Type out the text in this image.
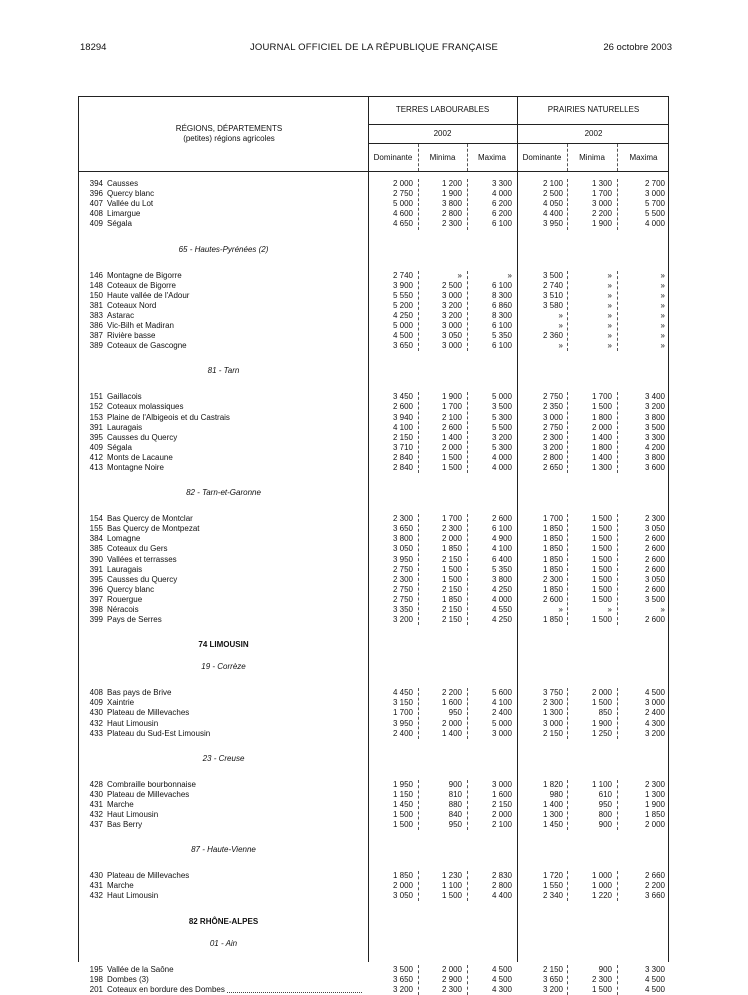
18294	JOURNAL OFFICIEL DE LA RÉPUBLIQUE FRANÇAISE	26 octobre 2003
RÉGIONS, DÉPARTEMENTS
(petites) régions agricoles
TERRES LABOURABLES	PRAIRIES NATURELLES
2002	2002
Dominante	Minima	Maxima	Dominante	Minima	Maxima
394 Causses	2 000	1 200	3 300	2 100	1 300	2 700
396 Quercy blanc	2 750	1 900	4 000	2 500	1 700	3 000
407 Vallée du Lot	5 000	3 800	6 200	4 050	3 000	5 700
408 Limargue	4 600	2 800	6 200	4 400	2 200	5 500
409 Ségala	4 650	2 300	6 100	3 950	1 900	4 000
65 - Hautes-Pyrénées (2)
146 Montagne de Bigorre	2 740	»	»	3 500	»	»
148 Coteaux de Bigorre	3 900	2 500	6 100	2 740	»	»
150 Haute vallée de l'Adour	5 550	3 000	8 300	3 510	»	»
381 Coteaux Nord	5 200	3 200	6 860	3 580	»	»
383 Astarac	4 250	3 200	8 300	»	»	»
386 Vic-Bilh et Madiran	5 000	3 000	6 100	»	»	»
387 Rivière basse	4 500	3 050	5 350	2 360	»	»
389 Coteaux de Gascogne	3 650	3 000	6 100	»	»	»
81 - Tarn
151 Gaillacois	3 450	1 900	5 000	2 750	1 700	3 400
152 Coteaux molassiques	2 600	1 700	3 500	2 350	1 500	3 200
153 Plaine de l'Albigeois et du Castrais	3 940	2 100	5 300	3 000	1 800	3 800
391 Lauragais	4 100	2 600	5 500	2 750	2 000	3 500
395 Causses du Quercy	2 150	1 400	3 200	2 300	1 400	3 300
409 Ségala	3 710	2 000	5 300	3 200	1 800	4 200
412 Monts de Lacaune	2 840	1 500	4 000	2 800	1 400	3 800
413 Montagne Noire	2 840	1 500	4 000	2 650	1 300	3 600
82 - Tarn-et-Garonne
154 Bas Quercy de Montclar	2 300	1 700	2 600	1 700	1 500	2 300
155 Bas Quercy de Montpezat	3 650	2 300	6 100	1 850	1 500	3 050
384 Lomagne	3 800	2 000	4 900	1 850	1 500	2 600
385 Coteaux du Gers	3 050	1 850	4 100	1 850	1 500	2 600
390 Vallées et terrasses	3 950	2 150	6 400	1 850	1 500	2 600
391 Lauragais	2 750	1 500	5 350	1 850	1 500	2 600
395 Causses du Quercy	2 300	1 500	3 800	2 300	1 500	3 050
396 Quercy blanc	2 750	2 150	4 250	1 850	1 500	2 600
397 Rouergue	2 750	1 850	4 000	2 600	1 500	3 500
398 Néracois	3 350	2 150	4 550	»	»	»
399 Pays de Serres	3 200	2 150	4 250	1 850	1 500	2 600
74 LIMOUSIN
19 - Corrèze
408 Bas pays de Brive	4 450	2 200	5 600	3 750	2 000	4 500
409 Xaintrie	3 150	1 600	4 100	2 300	1 500	3 000
430 Plateau de Millevaches	1 700	950	2 400	1 300	850	2 400
432 Haut Limousin	3 950	2 000	5 000	3 000	1 900	4 300
433 Plateau du Sud-Est Limousin	2 400	1 400	3 000	2 150	1 250	3 200
23 - Creuse
428 Combraille bourbonnaise	1 950	900	3 000	1 820	1 100	2 300
430 Plateau de Millevaches	1 150	810	1 600	980	610	1 300
431 Marche	1 450	880	2 150	1 400	950	1 900
432 Haut Limousin	1 500	840	2 000	1 300	800	1 850
437 Bas Berry	1 500	950	2 100	1 450	900	2 000
87 - Haute-Vienne
430 Plateau de Millevaches	1 850	1 230	2 830	1 720	1 000	2 660
431 Marche	2 000	1 100	2 800	1 550	1 000	2 200
432 Haut Limousin	3 050	1 500	4 400	2 340	1 220	3 660
82 RHÔNE-ALPES
01 - Ain
195 Vallée de la Saône	3 500	2 000	4 500	2 150	900	3 300
198 Dombes (3)	3 650	2 900	4 500	3 650	2 300	4 500
201 Coteaux en bordure des Dombes	3 200	2 300	4 300	3 200	1 500	4 500
